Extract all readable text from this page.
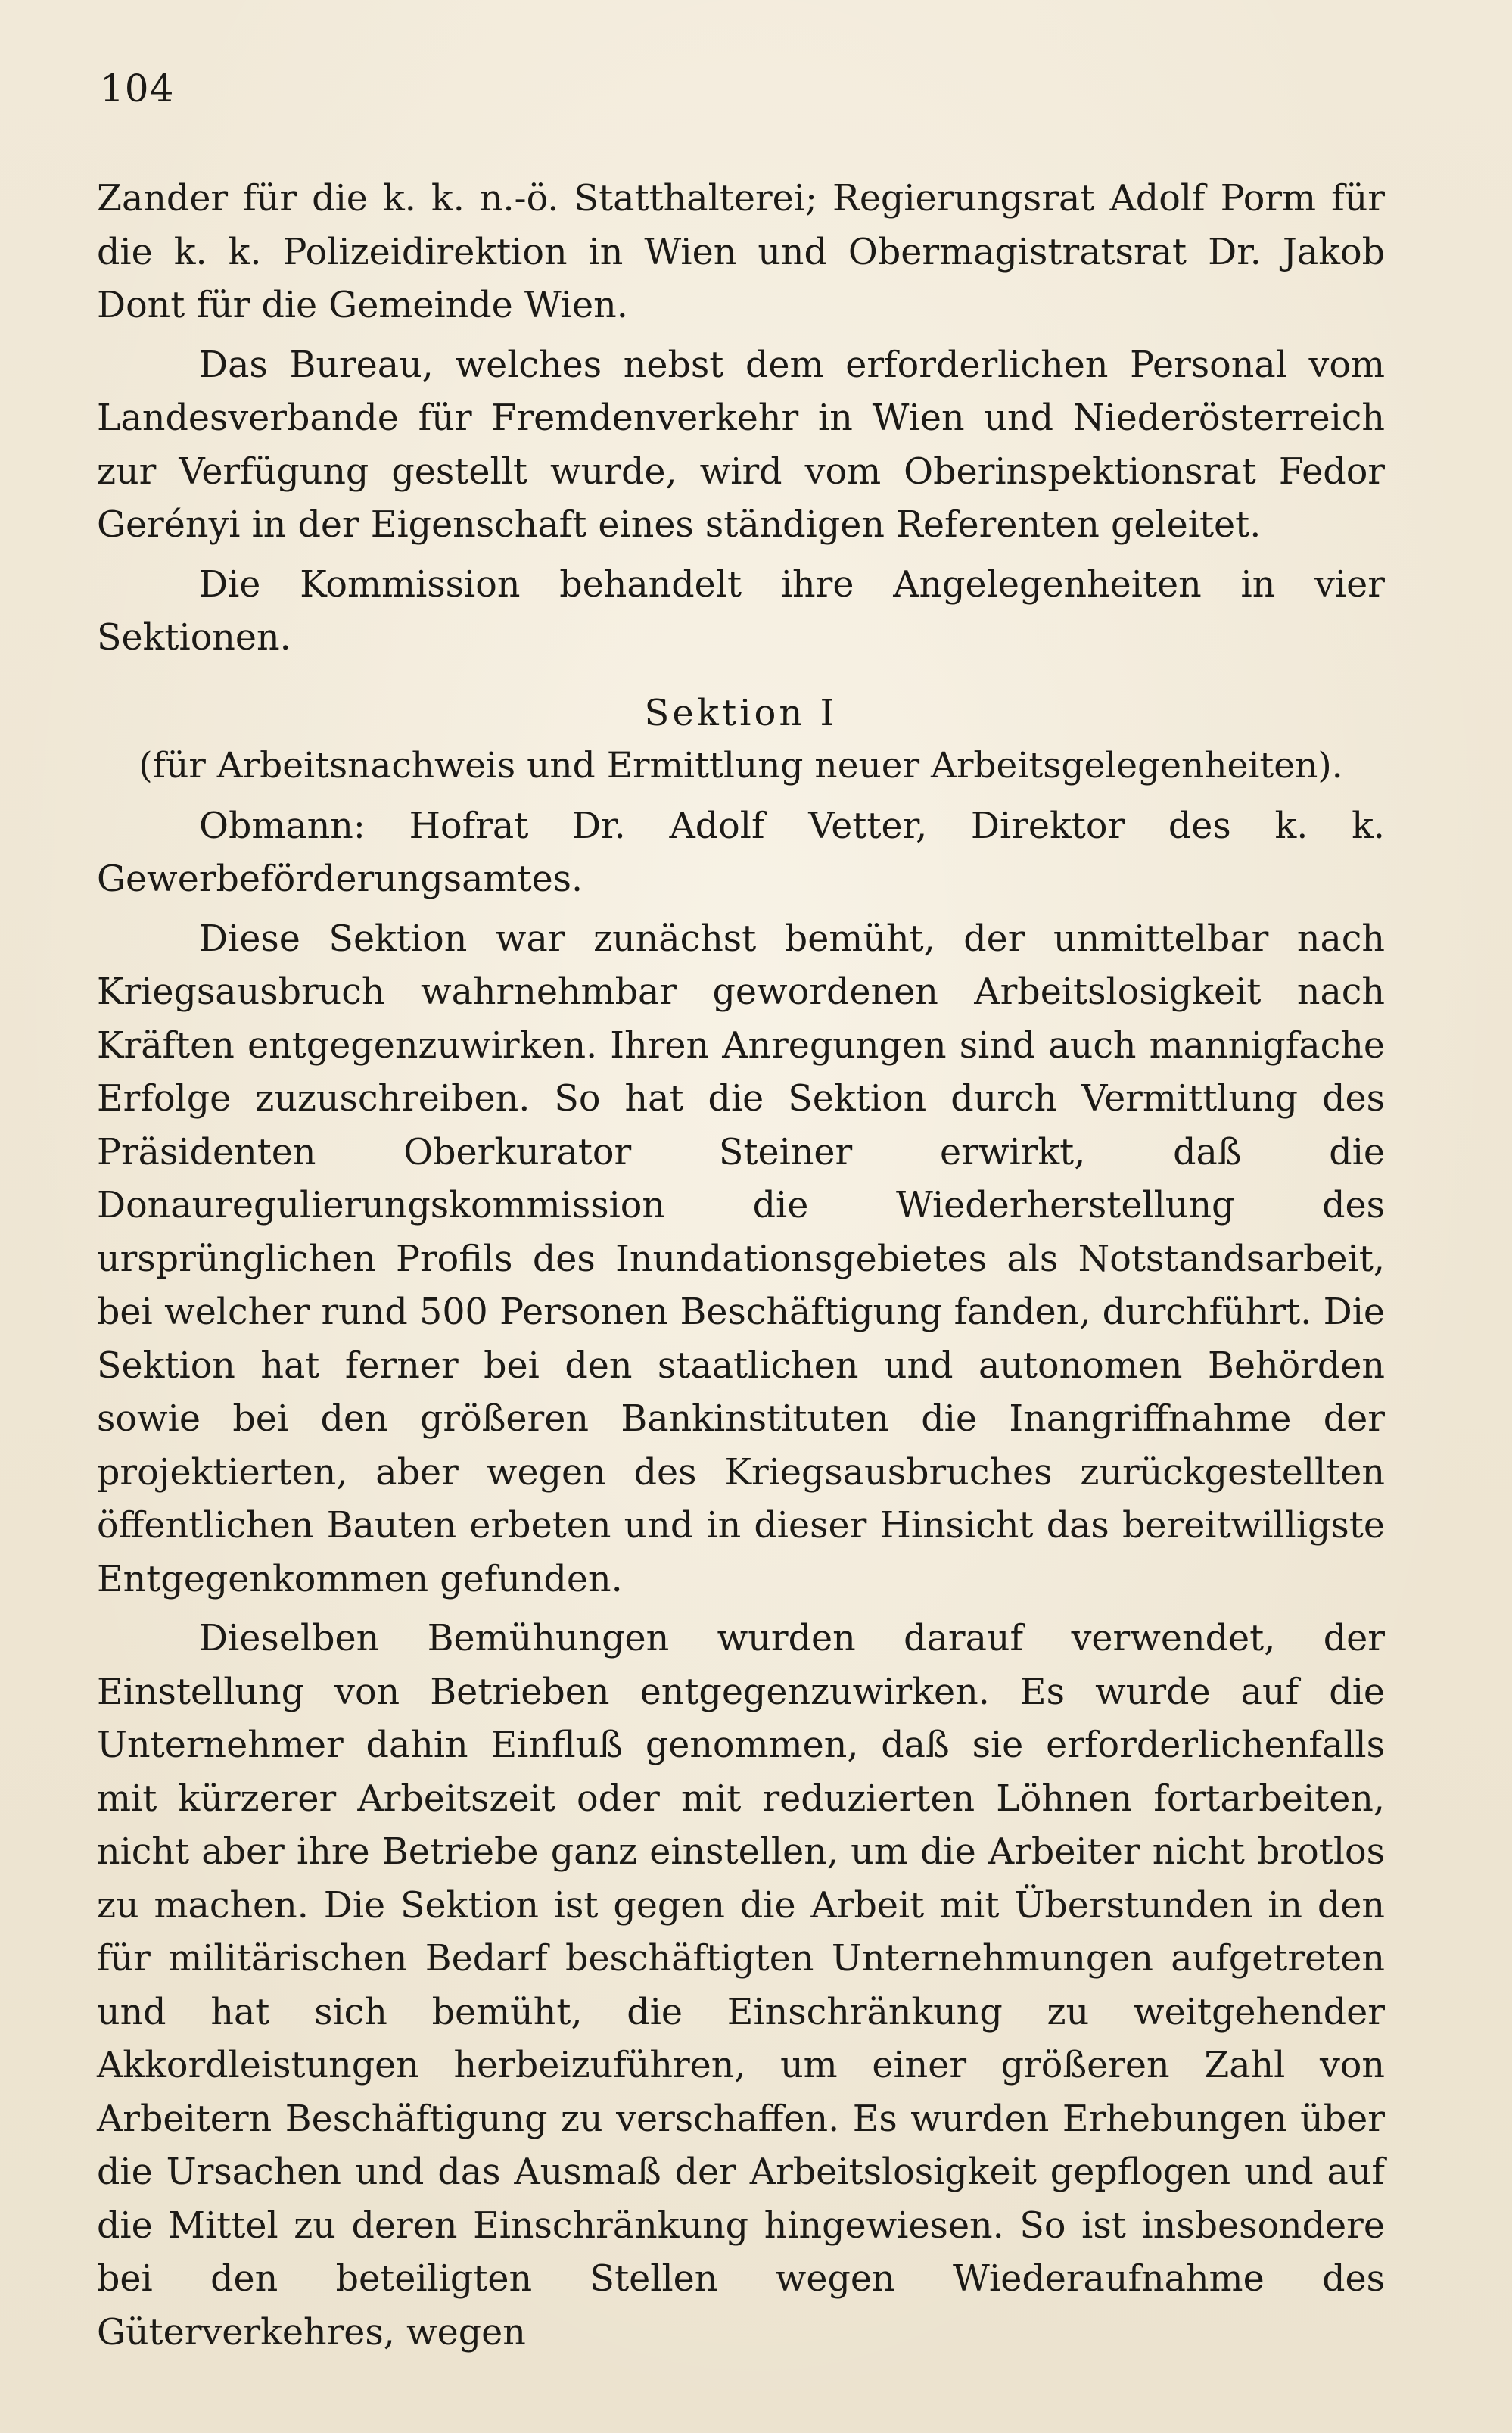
104

Zander für die k. k. n.-ö. Statthalterei; Regierungsrat Adolf Porm für die k. k. Polizeidirektion in Wien und Obermagistratsrat Dr. Jakob Dont für die Gemeinde Wien.

Das Bureau, welches nebst dem erforderlichen Personal vom Landesverbande für Fremdenverkehr in Wien und Niederösterreich zur Verfügung gestellt wurde, wird vom Oberinspektionsrat Fedor Gerényi in der Eigenschaft eines ständigen Referenten geleitet.

Die Kommission behandelt ihre Angelegenheiten in vier Sektionen.

Sektion I

(für Arbeitsnachweis und Ermittlung neuer Arbeitsgelegenheiten).

Obmann: Hofrat Dr. Adolf Vetter, Direktor des k. k. Gewerbeförderungsamtes.

Diese Sektion war zunächst bemüht, der unmittelbar nach Kriegsausbruch wahrnehmbar gewordenen Arbeitslosigkeit nach Kräften entgegenzuwirken. Ihren Anregungen sind auch mannigfache Erfolge zuzuschreiben. So hat die Sektion durch Vermittlung des Präsidenten Oberkurator Steiner erwirkt, daß die Donauregulierungskommission die Wiederherstellung des ursprünglichen Profils des Inundationsgebietes als Notstandsarbeit, bei welcher rund 500 Personen Beschäftigung fanden, durchführt. Die Sektion hat ferner bei den staatlichen und autonomen Behörden sowie bei den größeren Bankinstituten die Inangriffnahme der projektierten, aber wegen des Kriegsausbruches zurückgestellten öffentlichen Bauten erbeten und in dieser Hinsicht das bereitwilligste Entgegenkommen gefunden.

Dieselben Bemühungen wurden darauf verwendet, der Einstellung von Betrieben entgegenzuwirken. Es wurde auf die Unternehmer dahin Einfluß genommen, daß sie erforderlichenfalls mit kürzerer Arbeitszeit oder mit reduzierten Löhnen fortarbeiten, nicht aber ihre Betriebe ganz einstellen, um die Arbeiter nicht brotlos zu machen. Die Sektion ist gegen die Arbeit mit Überstunden in den für militärischen Bedarf beschäftigten Unternehmungen aufgetreten und hat sich bemüht, die Einschränkung zu weitgehender Akkordleistungen herbeizuführen, um einer größeren Zahl von Arbeitern Beschäftigung zu verschaffen. Es wurden Erhebungen über die Ursachen und das Ausmaß der Arbeitslosigkeit gepflogen und auf die Mittel zu deren Einschränkung hingewiesen. So ist insbesondere bei den beteiligten Stellen wegen Wiederaufnahme des Güterverkehres, wegen
